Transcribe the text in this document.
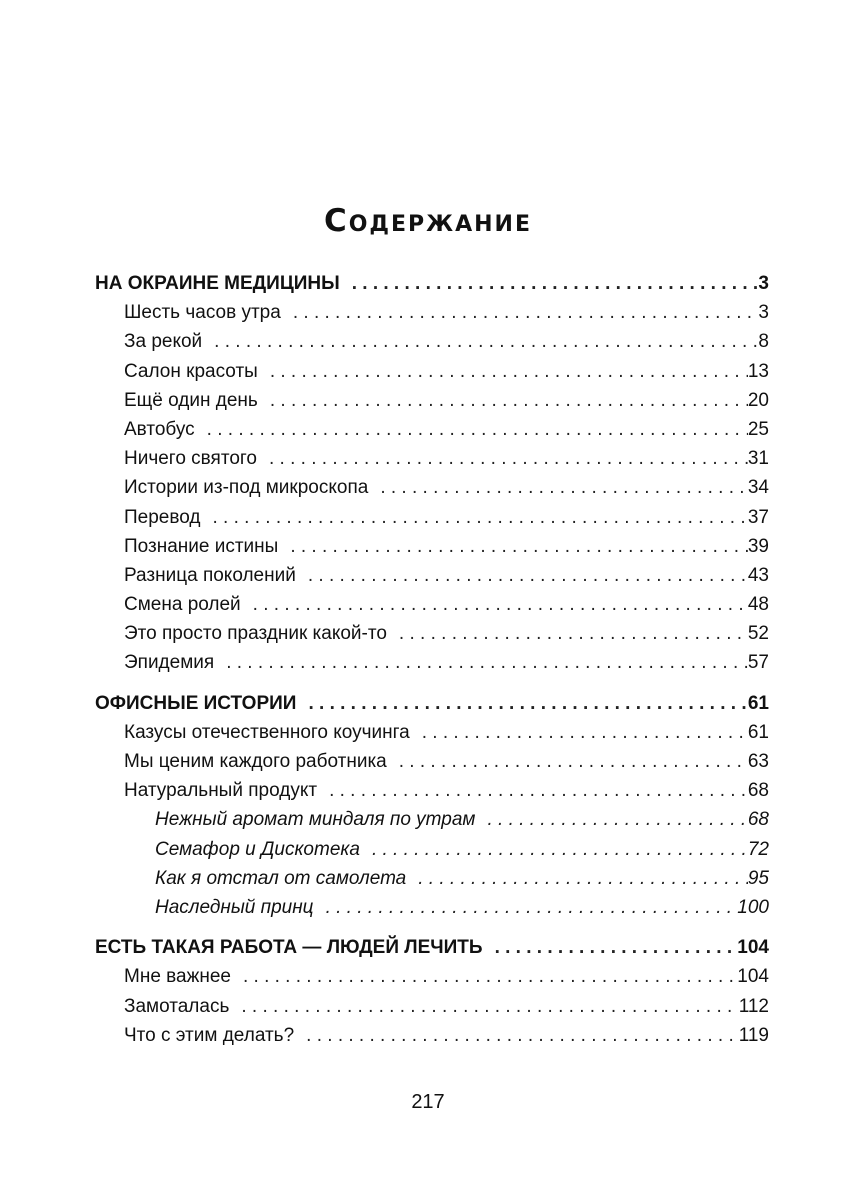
Содержание
НА ОКРАИНЕ МЕДИЦИНЫ . . .	3
Шесть часов утра . . .	3
За рекой . . .	8
Салон красоты . . .	13
Ещё один день . . .	20
Автобус . . .	25
Ничего святого . . .	31
Истории из-под микроскопа . . .	34
Перевод . . .	37
Познание истины . . .	39
Разница поколений . . .	43
Смена ролей . . .	48
Это просто праздник какой-то . . .	52
Эпидемия . . .	57
ОФИСНЫЕ ИСТОРИИ . . .	61
Казусы отечественного коучинга . . .	61
Мы ценим каждого работника . . .	63
Натуральный продукт . . .	68
Нежный аромат миндаля по утрам . . .	68
Семафор и Дискотека . . .	72
Как я отстал от самолета . . .	95
Наследный принц . . .	100
ЕСТЬ ТАКАЯ РАБОТА — ЛЮДЕЙ ЛЕЧИТЬ . . .	104
Мне важнее . . .	104
Замоталась . . .	112
Что с этим делать? . . .	119
217
